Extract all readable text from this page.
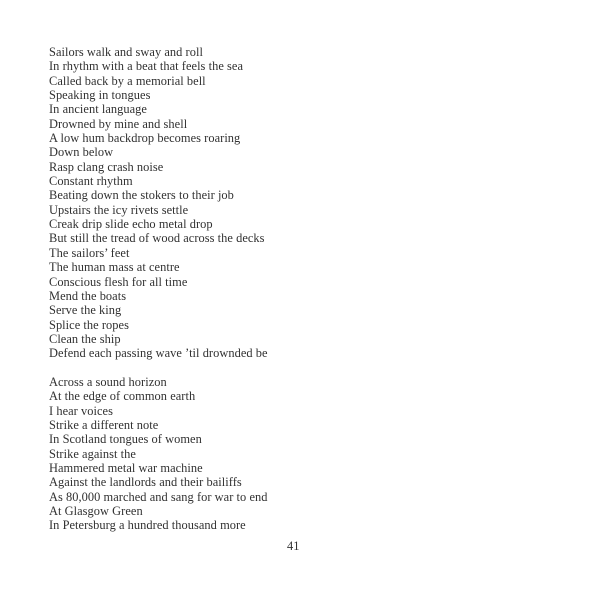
Sailors walk and sway and roll
In rhythm with a beat that feels the sea
Called back by a memorial bell
Speaking in tongues
In ancient language
Drowned by mine and shell
A low hum backdrop becomes roaring
Down below
Rasp clang crash noise
Constant rhythm
Beating down the stokers to their job
Upstairs the icy rivets settle
Creak drip slide echo metal drop
But still the tread of wood across the decks
The sailors’ feet
The human mass at centre
Conscious flesh for all time
Mend the boats
Serve the king
Splice the ropes
Clean the ship
Defend each passing wave ’til drownded be
Across a sound horizon
At the edge of common earth
I hear voices
Strike a different note
In Scotland tongues of women
Strike against the
Hammered metal war machine
Against the landlords and their bailiffs
As 80,000 marched and sang for war to end
At Glasgow Green
In Petersburg a hundred thousand more
41
